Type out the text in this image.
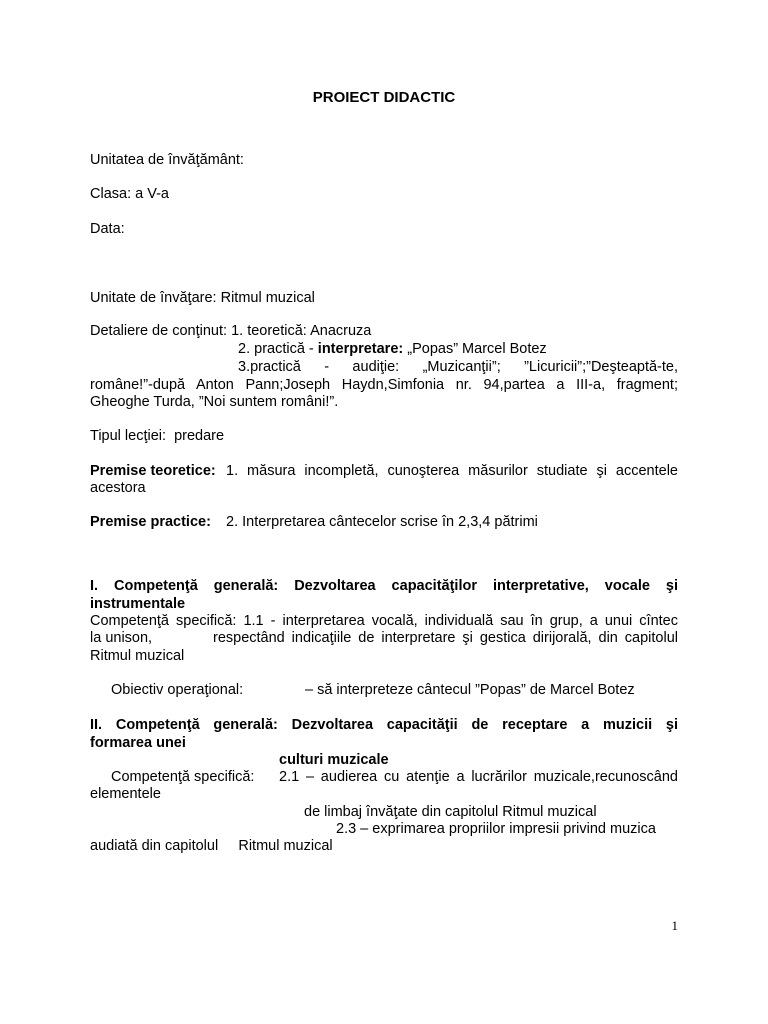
PROIECT DIDACTIC
Unitatea de învăţământ:
Clasa: a V-a
Data:
Unitate de învăţare: Ritmul muzical
Detaliere de conţinut: 1. teoretică: Anacruza
2. practică - interpretare: „Popas” Marcel Botez
3.practică - audiţie: „Muzicanţii”; ”Licuricii”;”Deşteaptă-te,
române!”-după Anton Pann;Joseph Haydn,Simfonia nr. 94,partea a III-a, fragment;
Gheoghe Turda, ”Noi suntem români!”.
Tipul lecţiei: predare
Premise teoretice: 1. măsura incompletă, cunoşterea măsurilor studiate şi accentele
acestora
Premise practice: 2. Interpretarea cântecelor scrise în 2,3,4 pătrimi
I. Competenţă generală: Dezvoltarea capacităţilor interpretative, vocale şi
instrumentale
Competenţă specifică: 1.1 - interpretarea vocală, individuală sau în grup, a unui cîntec
la unison,	respectând indicaţiile de interpretare şi gestica dirijorală, din capitolul
Ritmul muzical
Obiectiv operaţional:	– să interpreteze cântecul ”Popas” de Marcel Botez
II. Competenţă generală: Dezvoltarea capacităţii de receptare a muzicii şi
formarea unei
culturi muzicale
Competenţă specifică: 2.1 – audierea cu atenţie a lucrărilor muzicale,recunoscând
elementele
de limbaj învăţate din capitolul Ritmul muzical
2.3 – exprimarea propriilor impresii privind muzica
audiată din capitolul Ritmul muzical
1
